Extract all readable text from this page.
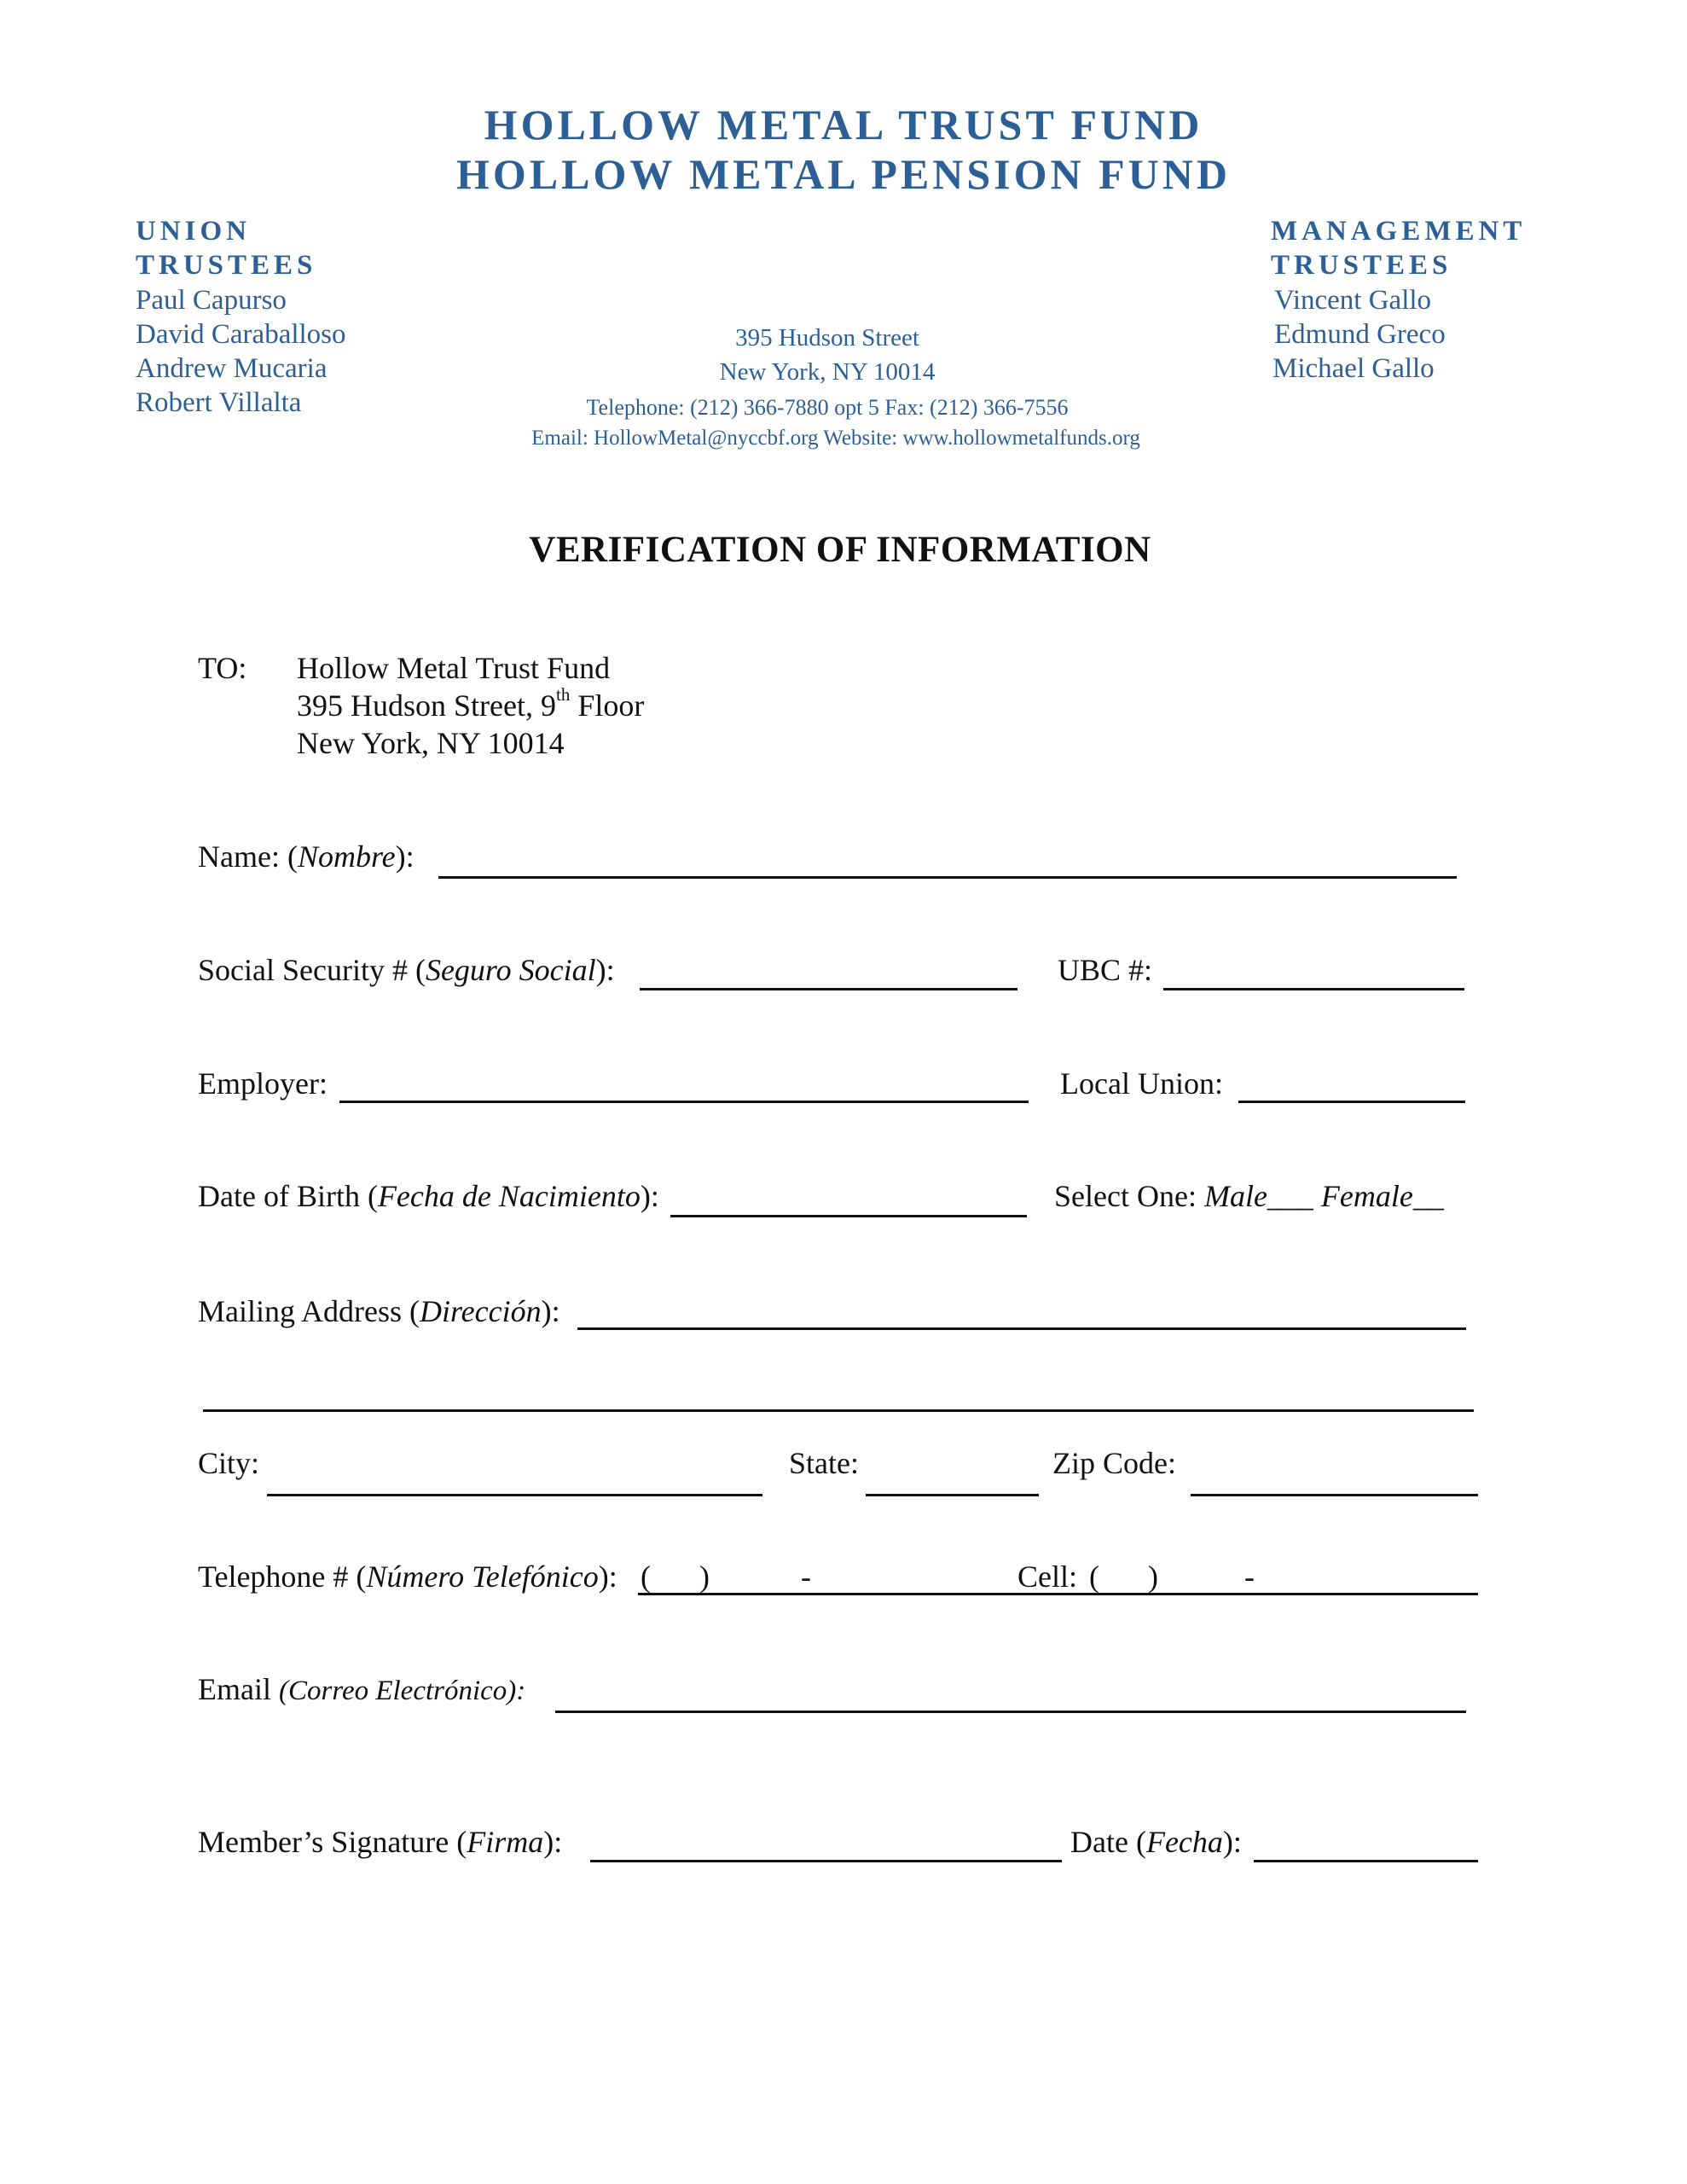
HOLLOW METAL TRUST FUND
HOLLOW METAL PENSION FUND
UNION
TRUSTEES
Paul Capurso
David Caraballoso
Andrew Mucaria
Robert Villalta
MANAGEMENT
TRUSTEES
Vincent Gallo
Edmund Greco
Michael Gallo
395 Hudson Street
New York, NY 10014
Telephone: (212) 366-7880 opt 5 Fax: (212) 366-7556
Email: HollowMetal@nyccbf.org Website: www.hollowmetalfunds.org
VERIFICATION OF INFORMATION
TO: Hollow Metal Trust Fund
395 Hudson Street, 9th Floor
New York, NY 10014
Name: (Nombre):
Social Security # (Seguro Social):	UBC #:
Employer:	Local Union:
Date of Birth (Fecha de Nacimiento):	Select One: Male___ Female__
Mailing Address (Dirección):
City:	State:	Zip Code:
Telephone # (Número Telefónico): ( )	-	Cell: ( )	-
Email (Correo Electrónico):
Member’s Signature (Firma):	Date (Fecha):
